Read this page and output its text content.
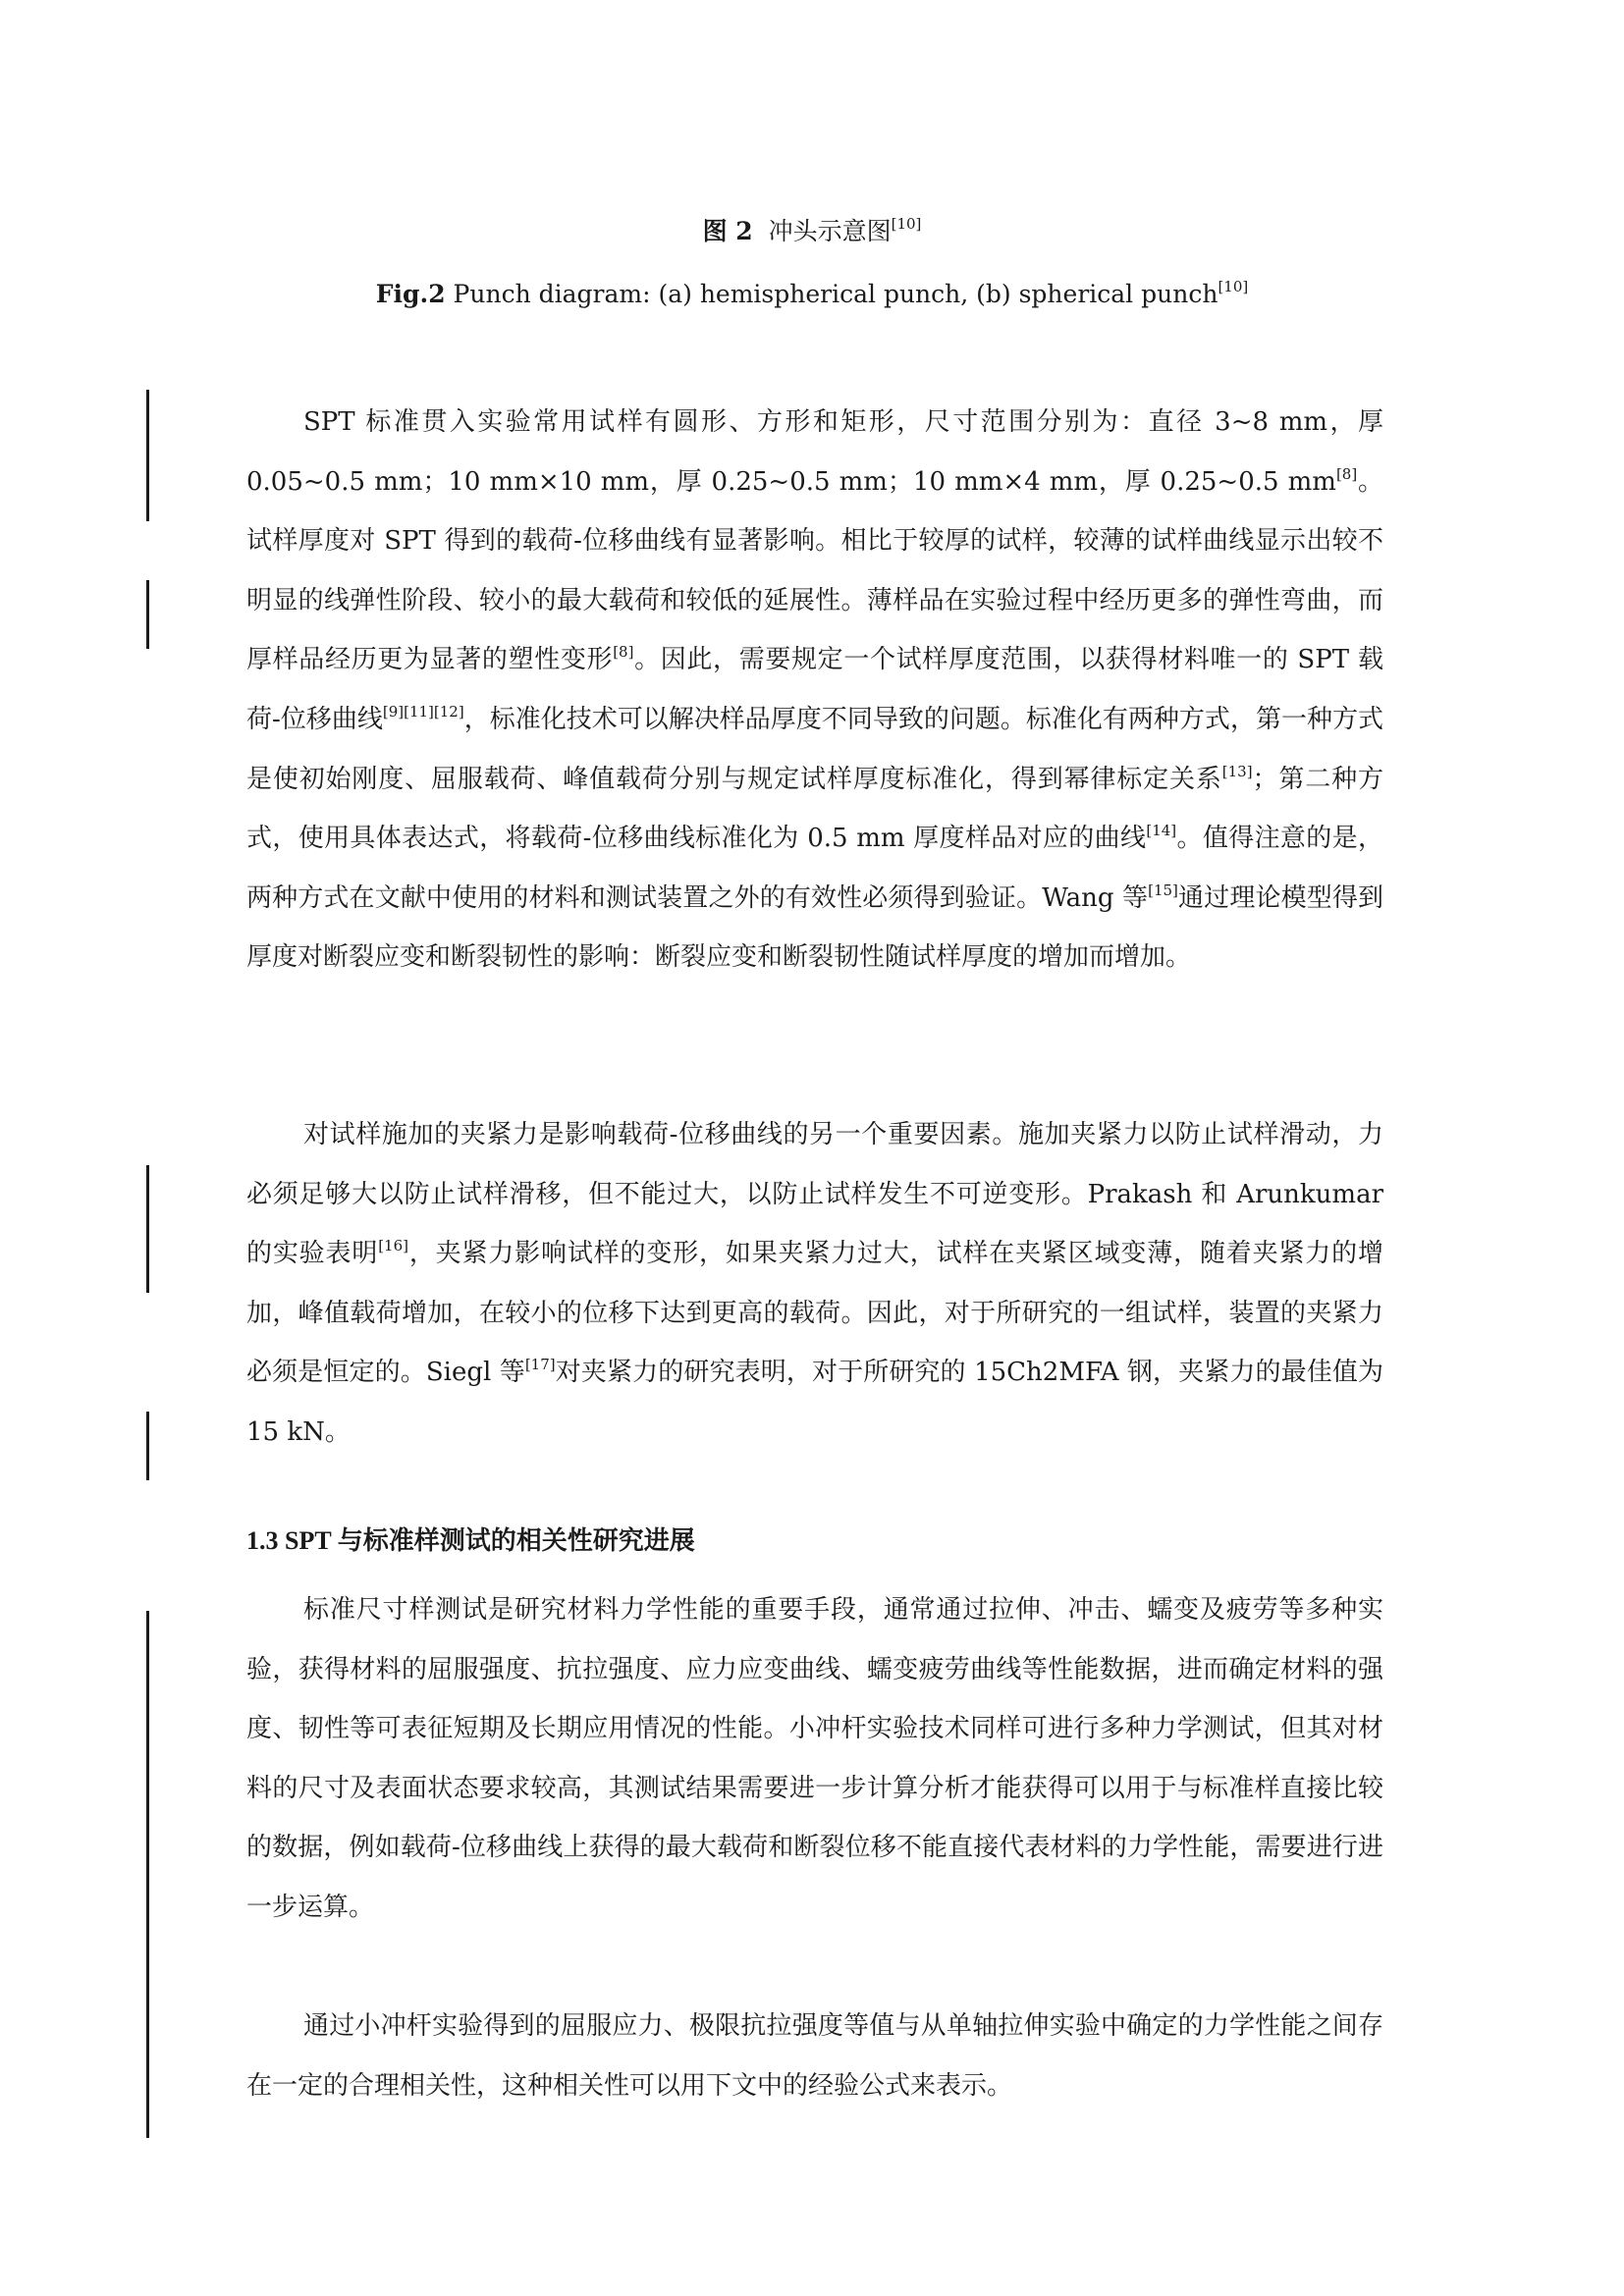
图 2 冲头示意图[10]
Fig.2 Punch diagram: (a) hemispherical punch, (b) spherical punch[10]
SPT 标准贯入实验常用试样有圆形、方形和矩形，尺寸范围分别为：直径 3~8 mm，厚 0.05~0.5 mm；10 mm×10 mm，厚 0.25~0.5 mm；10 mm×4 mm，厚 0.25~0.5 mm[8]。试样厚度对 SPT 得到的载荷-位移曲线有显著影响。相比于较厚的试样，较薄的试样曲线显示出较不明显的线弹性阶段、较小的最大载荷和较低的延展性。薄样品在实验过程中经历更多的弹性弯曲，而厚样品经历更为显著的塑性变形[8]。因此，需要规定一个试样厚度范围，以获得材料唯一的 SPT 载荷-位移曲线[9][11][12]，标准化技术可以解决样品厚度不同导致的问题。标准化有两种方式，第一种方式是使初始刚度、屈服载荷、峰值载荷分别与规定试样厚度标准化，得到幂律标定关系[13]；第二种方式，使用具体表达式，将载荷-位移曲线标准化为 0.5 mm 厚度样品对应的曲线[14]。值得注意的是，两种方式在文献中使用的材料和测试装置之外的有效性必须得到验证。Wang 等[15]通过理论模型得到厚度对断裂应变和断裂韧性的影响：断裂应变和断裂韧性随试样厚度的增加而增加。
对试样施加的夹紧力是影响载荷-位移曲线的另一个重要因素。施加夹紧力以防止试样滑动，力必须足够大以防止试样滑移，但不能过大，以防止试样发生不可逆变形。Prakash 和 Arunkumar 的实验表明[16]，夹紧力影响试样的变形，如果夹紧力过大，试样在夹紧区域变薄，随着夹紧力的增加，峰值载荷增加，在较小的位移下达到更高的载荷。因此，对于所研究的一组试样，装置的夹紧力必须是恒定的。Siegl 等[17]对夹紧力的研究表明，对于所研究的 15Ch2MFA 钢，夹紧力的最佳值为 15 kN。
1.3 SPT 与标准样测试的相关性研究进展
标准尺寸样测试是研究材料力学性能的重要手段，通常通过拉伸、冲击、蠕变及疲劳等多种实验，获得材料的屈服强度、抗拉强度、应力应变曲线、蠕变疲劳曲线等性能数据，进而确定材料的强度、韧性等可表征短期及长期应用情况的性能。小冲杆实验技术同样可进行多种力学测试，但其对材料的尺寸及表面状态要求较高，其测试结果需要进一步计算分析才能获得可以用于与标准样直接比较的数据，例如载荷-位移曲线上获得的最大载荷和断裂位移不能直接代表材料的力学性能，需要进行进一步运算。
通过小冲杆实验得到的屈服应力、极限抗拉强度等值与从单轴拉伸实验中确定的力学性能之间存在一定的合理相关性，这种相关性可以用下文中的经验公式来表示。
